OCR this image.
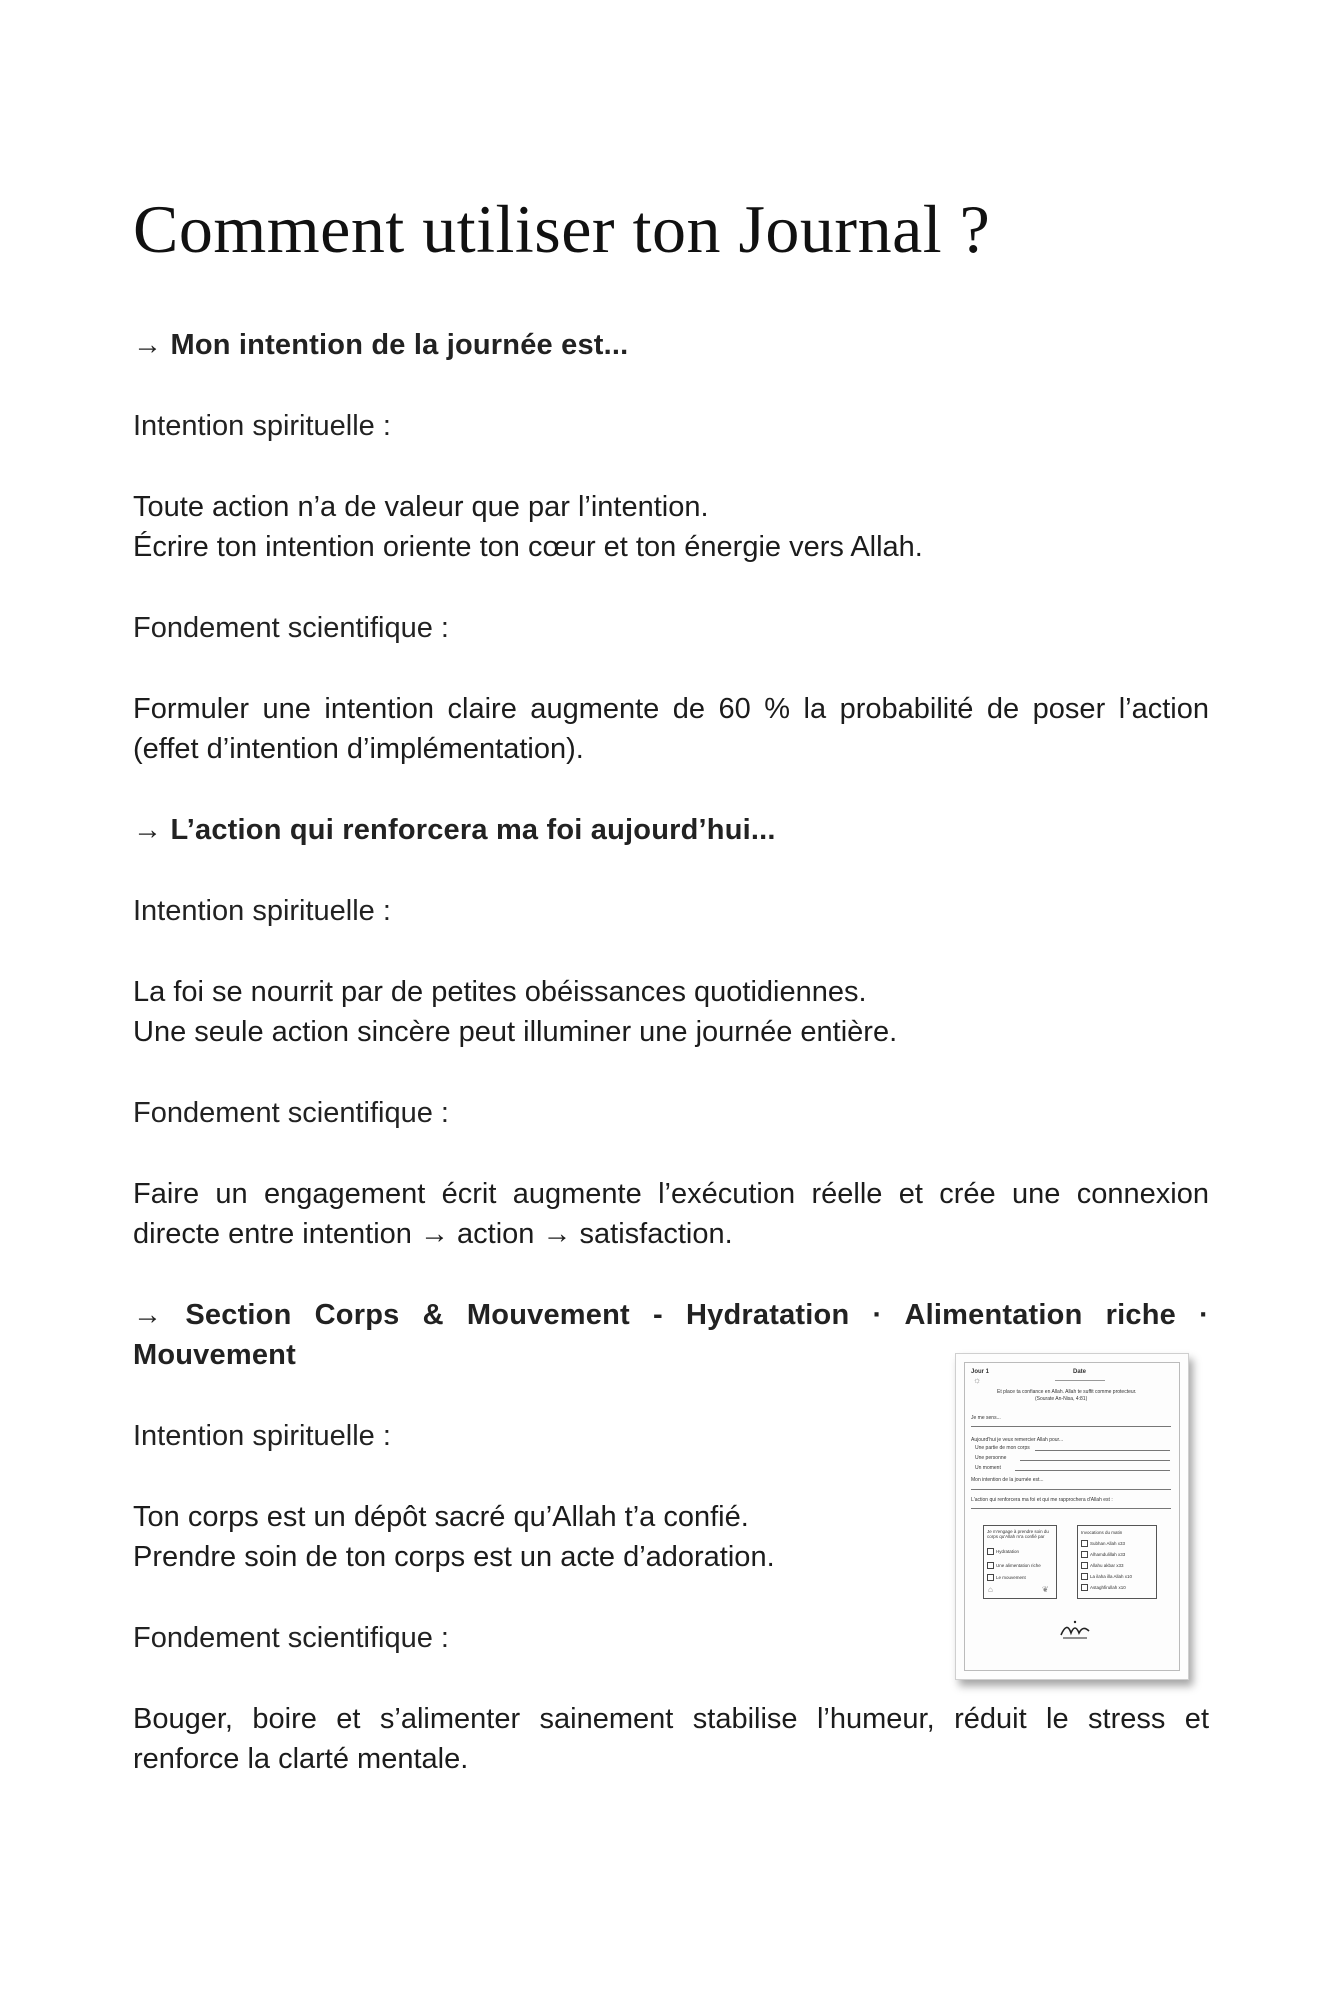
Comment utiliser ton Journal ?

→ Mon intention de la journée est...

Intention spirituelle :

Toute action n’a de valeur que par l’intention.
Écrire ton intention oriente ton cœur et ton énergie vers Allah.

Fondement scientifique :

Formuler une intention claire augmente de 60 % la probabilité de poser l’action (effet d’intention d’implémentation).

→ L’action qui renforcera ma foi aujourd’hui...

Intention spirituelle :

La foi se nourrit par de petites obéissances quotidiennes.
Une seule action sincère peut illuminer une journée entière.

Fondement scientifique :

Faire un engagement écrit augmente l’exécution réelle et crée une connexion directe entre intention → action → satisfaction.

→ Section Corps & Mouvement - Hydratation · Alimentation riche · Mouvement

Intention spirituelle :

Ton corps est un dépôt sacré qu’Allah t’a confié.
Prendre soin de ton corps est un acte d’adoration.

Fondement scientifique :

Bouger, boire et s’alimenter sainement stabilise l’humeur, réduit le stress et renforce la clarté mentale.

Jour 1
☼
Date
Et place ta confiance en Allah. Allah te suffit comme protecteur.
(Sourate An-Nisa, 4:81)
Je me sens...
Aujourd'hui je veux remercier Allah pour...
Une partie de mon corps
Une personne
Un moment
Mon intention de la journée est...
L'action qui renforcera ma foi et qui me rapprochera d'Allah est :
Je m'engage à prendre soin du corps qu'Allah m'a confié par
Hydratation
Une alimentation riche
Le mouvement
⌂	❦
Invocations du matin
Subhan Allah x33
Alhamdulillah x33
Allahu akbar x33
La ilaha illa Allah x10
Astaghfirullah x10
